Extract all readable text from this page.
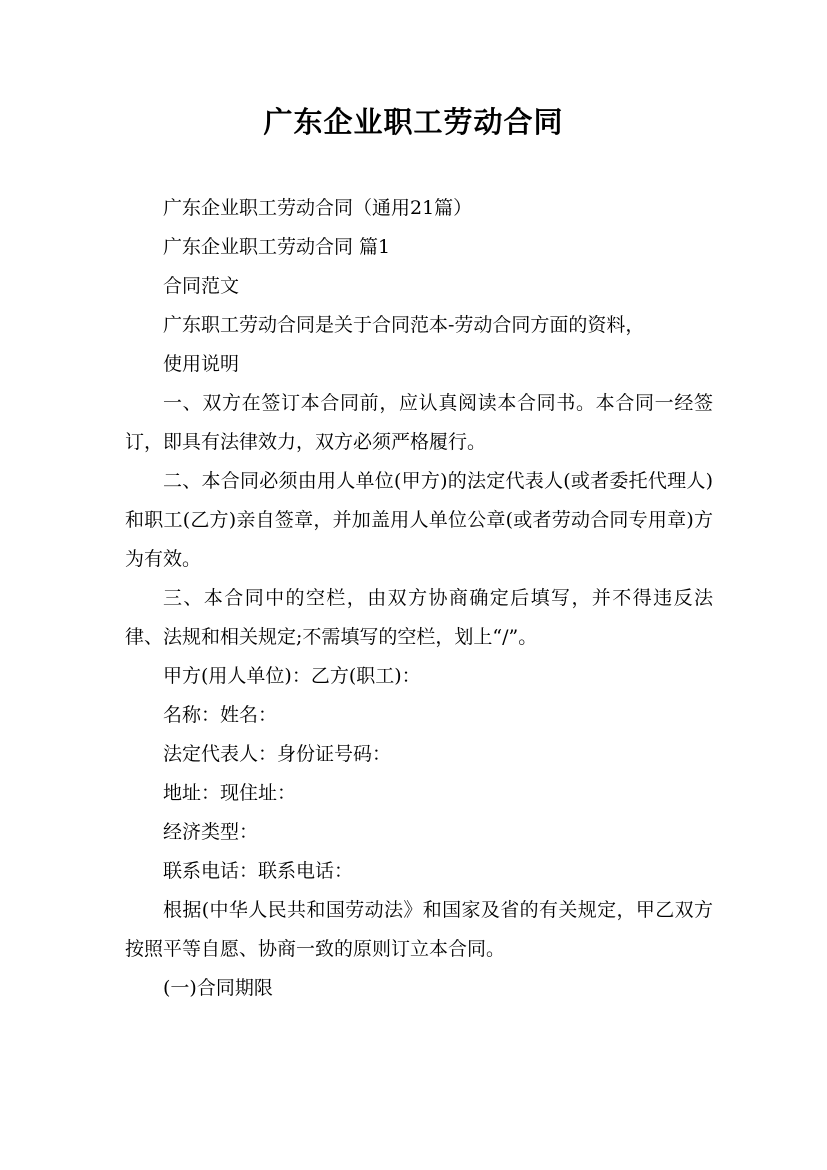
广东企业职工劳动合同

广东企业职工劳动合同（通用21篇）

广东企业职工劳动合同 篇1

合同范文

广东职工劳动合同是关于合同范本-劳动合同方面的资料，

使用说明

一、双方在签订本合同前，应认真阅读本合同书。本合同一经签订，即具有法律效力，双方必须严格履行。

二、本合同必须由用人单位(甲方)的法定代表人(或者委托代理人)和职工(乙方)亲自签章，并加盖用人单位公章(或者劳动合同专用章)方为有效。

三、本合同中的空栏，由双方协商确定后填写，并不得违反法律、法规和相关规定;不需填写的空栏，划上“/”。

甲方(用人单位)：乙方(职工)：

名称：姓名：

法定代表人：身份证号码：

地址：现住址：

经济类型：

联系电话：联系电话：

根据(中华人民共和国劳动法》和国家及省的有关规定，甲乙双方按照平等自愿、协商一致的原则订立本合同。

(一)合同期限
